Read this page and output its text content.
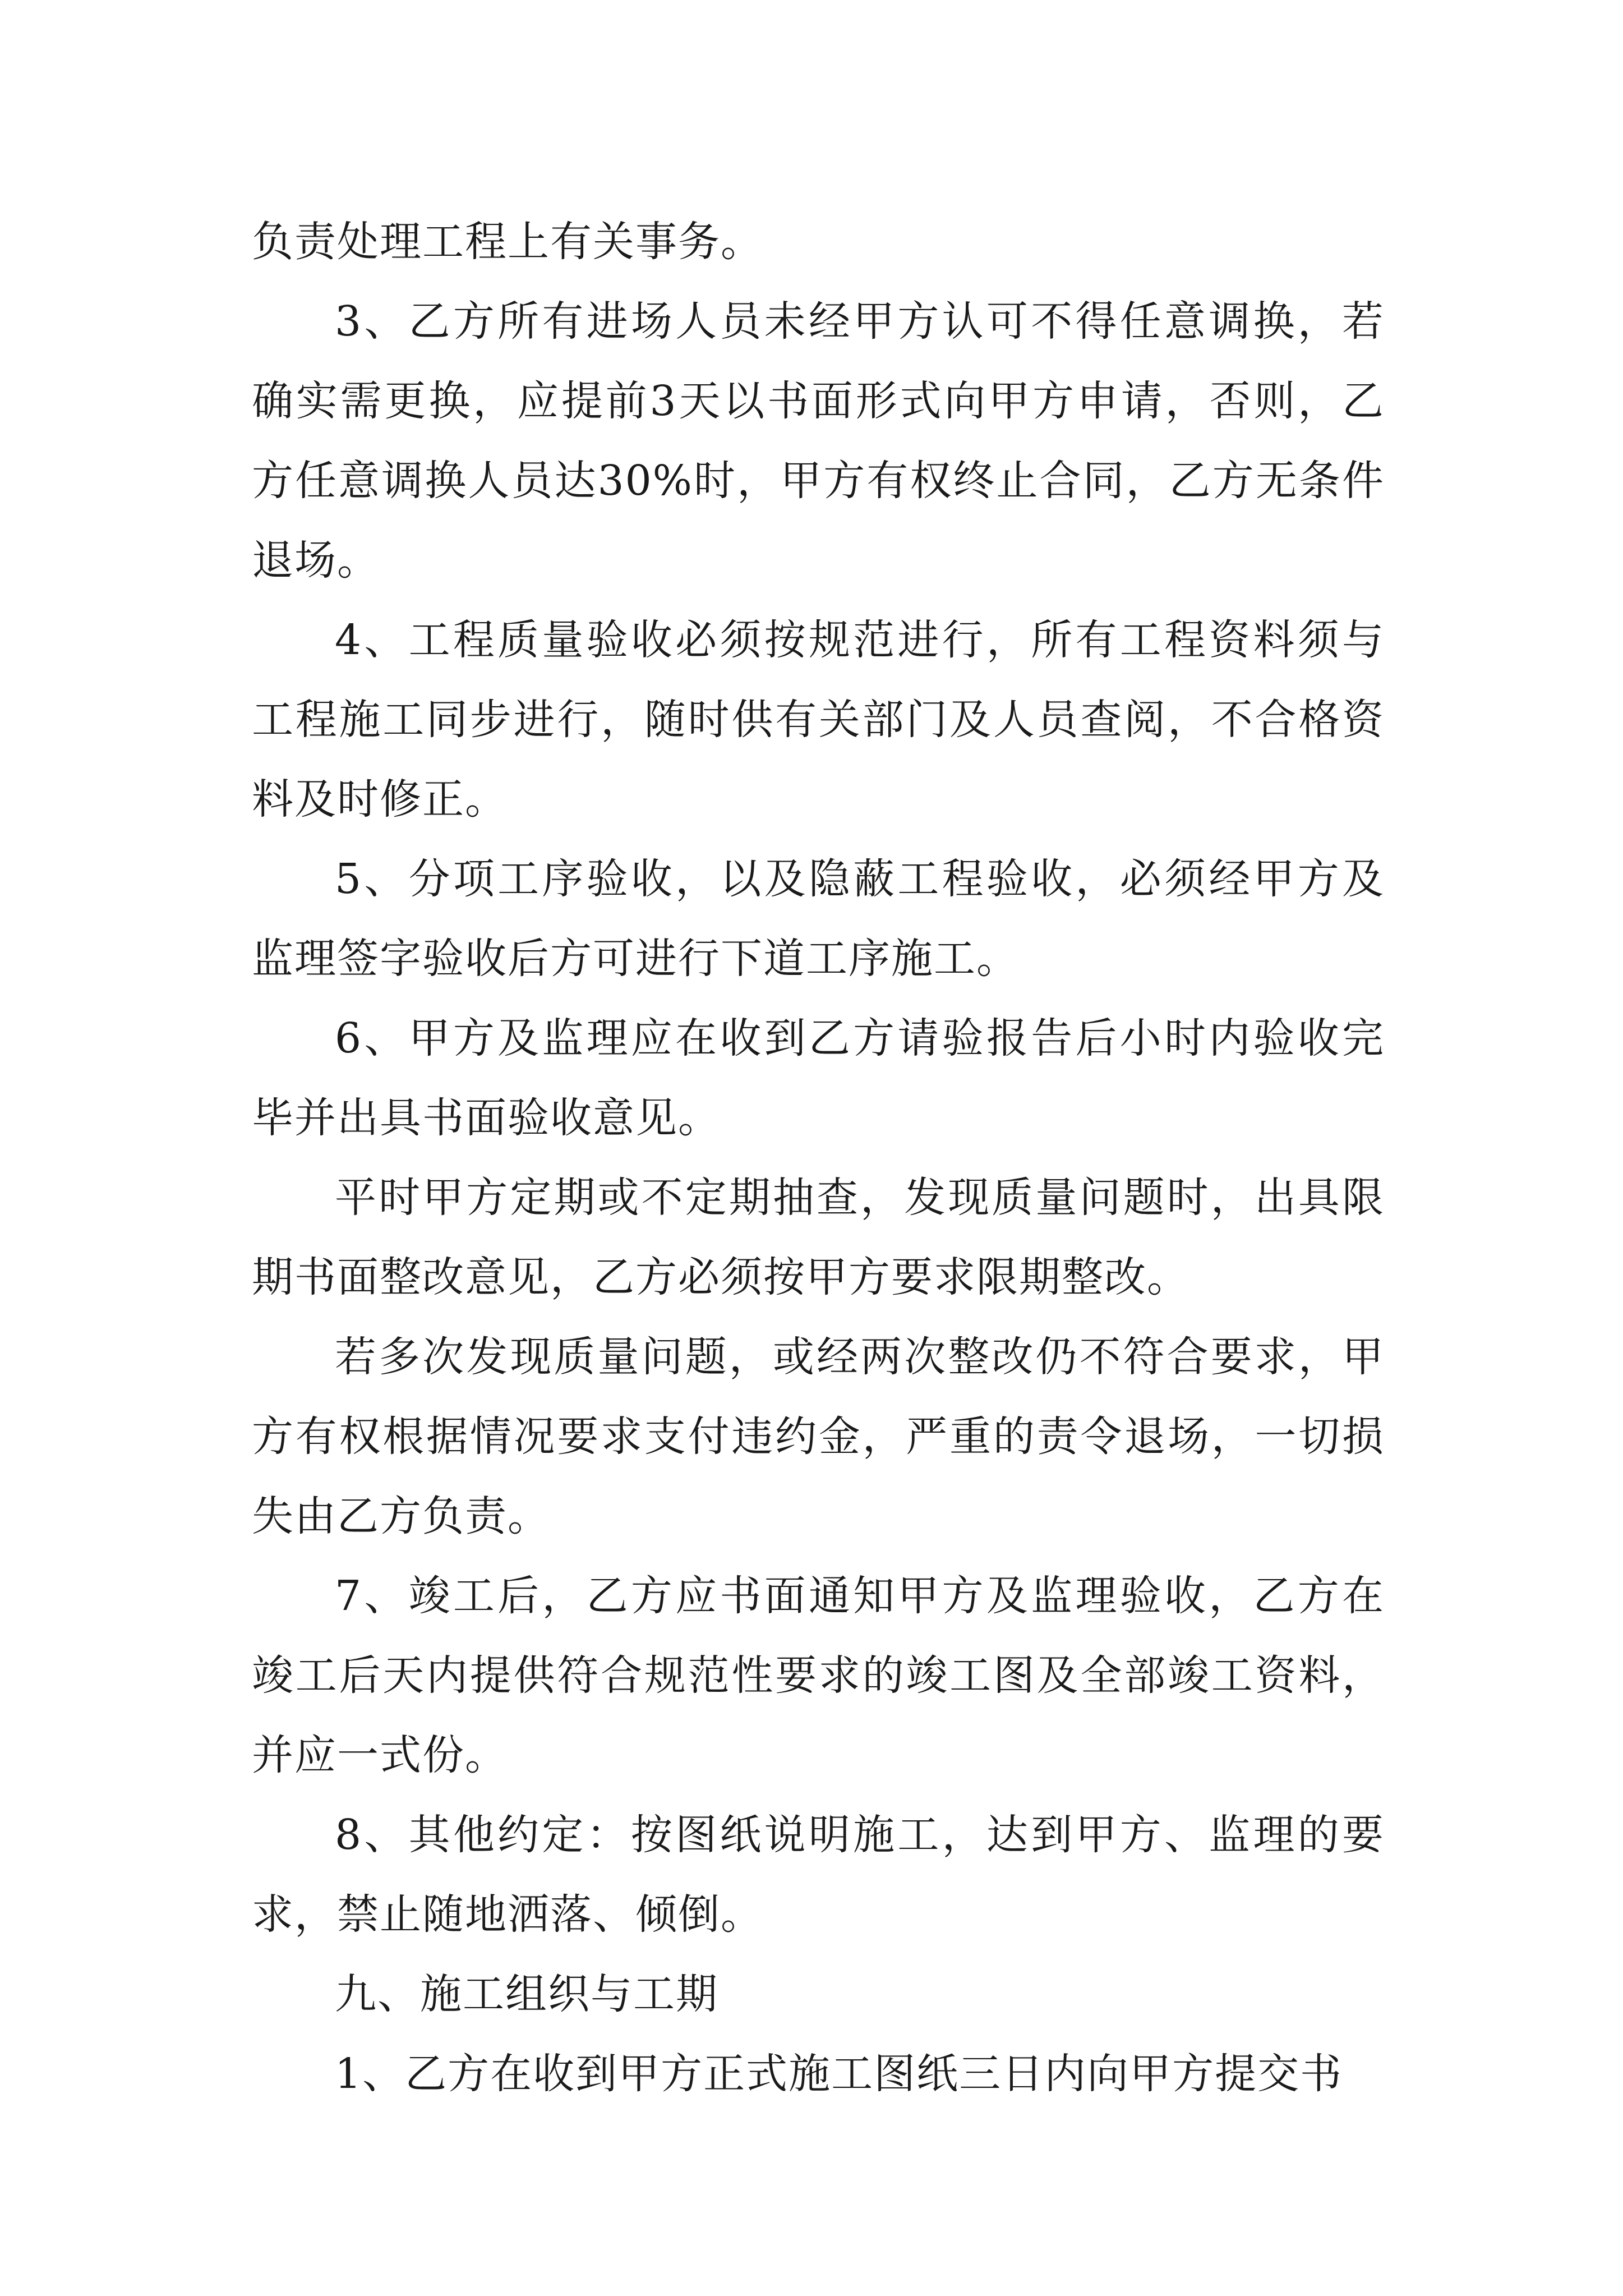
负责处理工程上有关事务。

3、乙方所有进场人员未经甲方认可不得任意调换，若确实需更换，应提前3天以书面形式向甲方申请，否则，乙方任意调换人员达30%时，甲方有权终止合同，乙方无条件退场。

4、工程质量验收必须按规范进行，所有工程资料须与工程施工同步进行，随时供有关部门及人员查阅，不合格资料及时修正。

5、分项工序验收，以及隐蔽工程验收，必须经甲方及监理签字验收后方可进行下道工序施工。

6、甲方及监理应在收到乙方请验报告后小时内验收完毕并出具书面验收意见。

平时甲方定期或不定期抽查，发现质量问题时，出具限期书面整改意见，乙方必须按甲方要求限期整改。

若多次发现质量问题，或经两次整改仍不符合要求，甲方有权根据情况要求支付违约金，严重的责令退场，一切损失由乙方负责。

7、竣工后，乙方应书面通知甲方及监理验收，乙方在竣工后天内提供符合规范性要求的竣工图及全部竣工资料，并应一式份。

8、其他约定：按图纸说明施工，达到甲方、监理的要求，禁止随地洒落、倾倒。

九、施工组织与工期

1、乙方在收到甲方正式施工图纸三日内向甲方提交书
